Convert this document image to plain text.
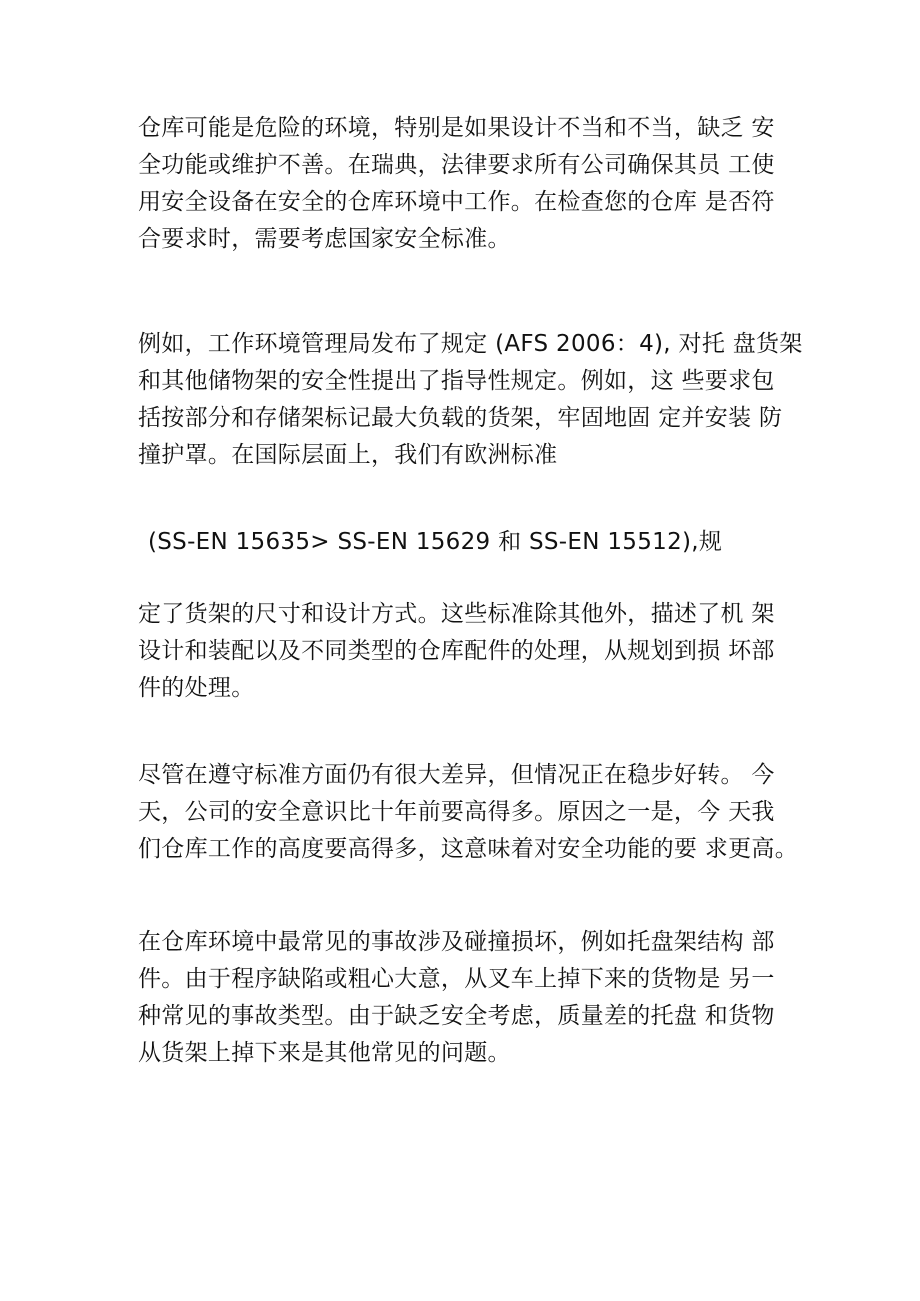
仓库可能是危险的环境，特别是如果设计不当和不当，缺乏 安
全功能或维护不善。在瑞典，法律要求所有公司确保其员 工使
用安全设备在安全的仓库环境中工作。在检查您的仓库 是否符
合要求时，需要考虑国家安全标准。
例如，工作环境管理局发布了规定 (AFS 2006：4), 对托 盘货架
和其他储物架的安全性提出了指导性规定。例如，这 些要求包
括按部分和存储架标记最大负载的货架，牢固地固 定并安装 防
撞护罩。在国际层面上，我们有欧洲标准
(SS-EN 15635> SS-EN 15629 和 SS-EN 15512),规
定了货架的尺寸和设计方式。这些标准除其他外，描述了机 架
设计和装配以及不同类型的仓库配件的处理，从规划到损 坏部
件的处理。
尽管在遵守标准方面仍有很大差异，但情况正在稳步好转。 今
天，公司的安全意识比十年前要高得多。原因之一是，今 天我
们仓库工作的高度要高得多，这意味着对安全功能的要 求更高。
在仓库环境中最常见的事故涉及碰撞损坏，例如托盘架结构 部
件。由于程序缺陷或粗心大意，从叉车上掉下来的货物是 另一
种常见的事故类型。由于缺乏安全考虑，质量差的托盘 和货物
从货架上掉下来是其他常见的问题。
